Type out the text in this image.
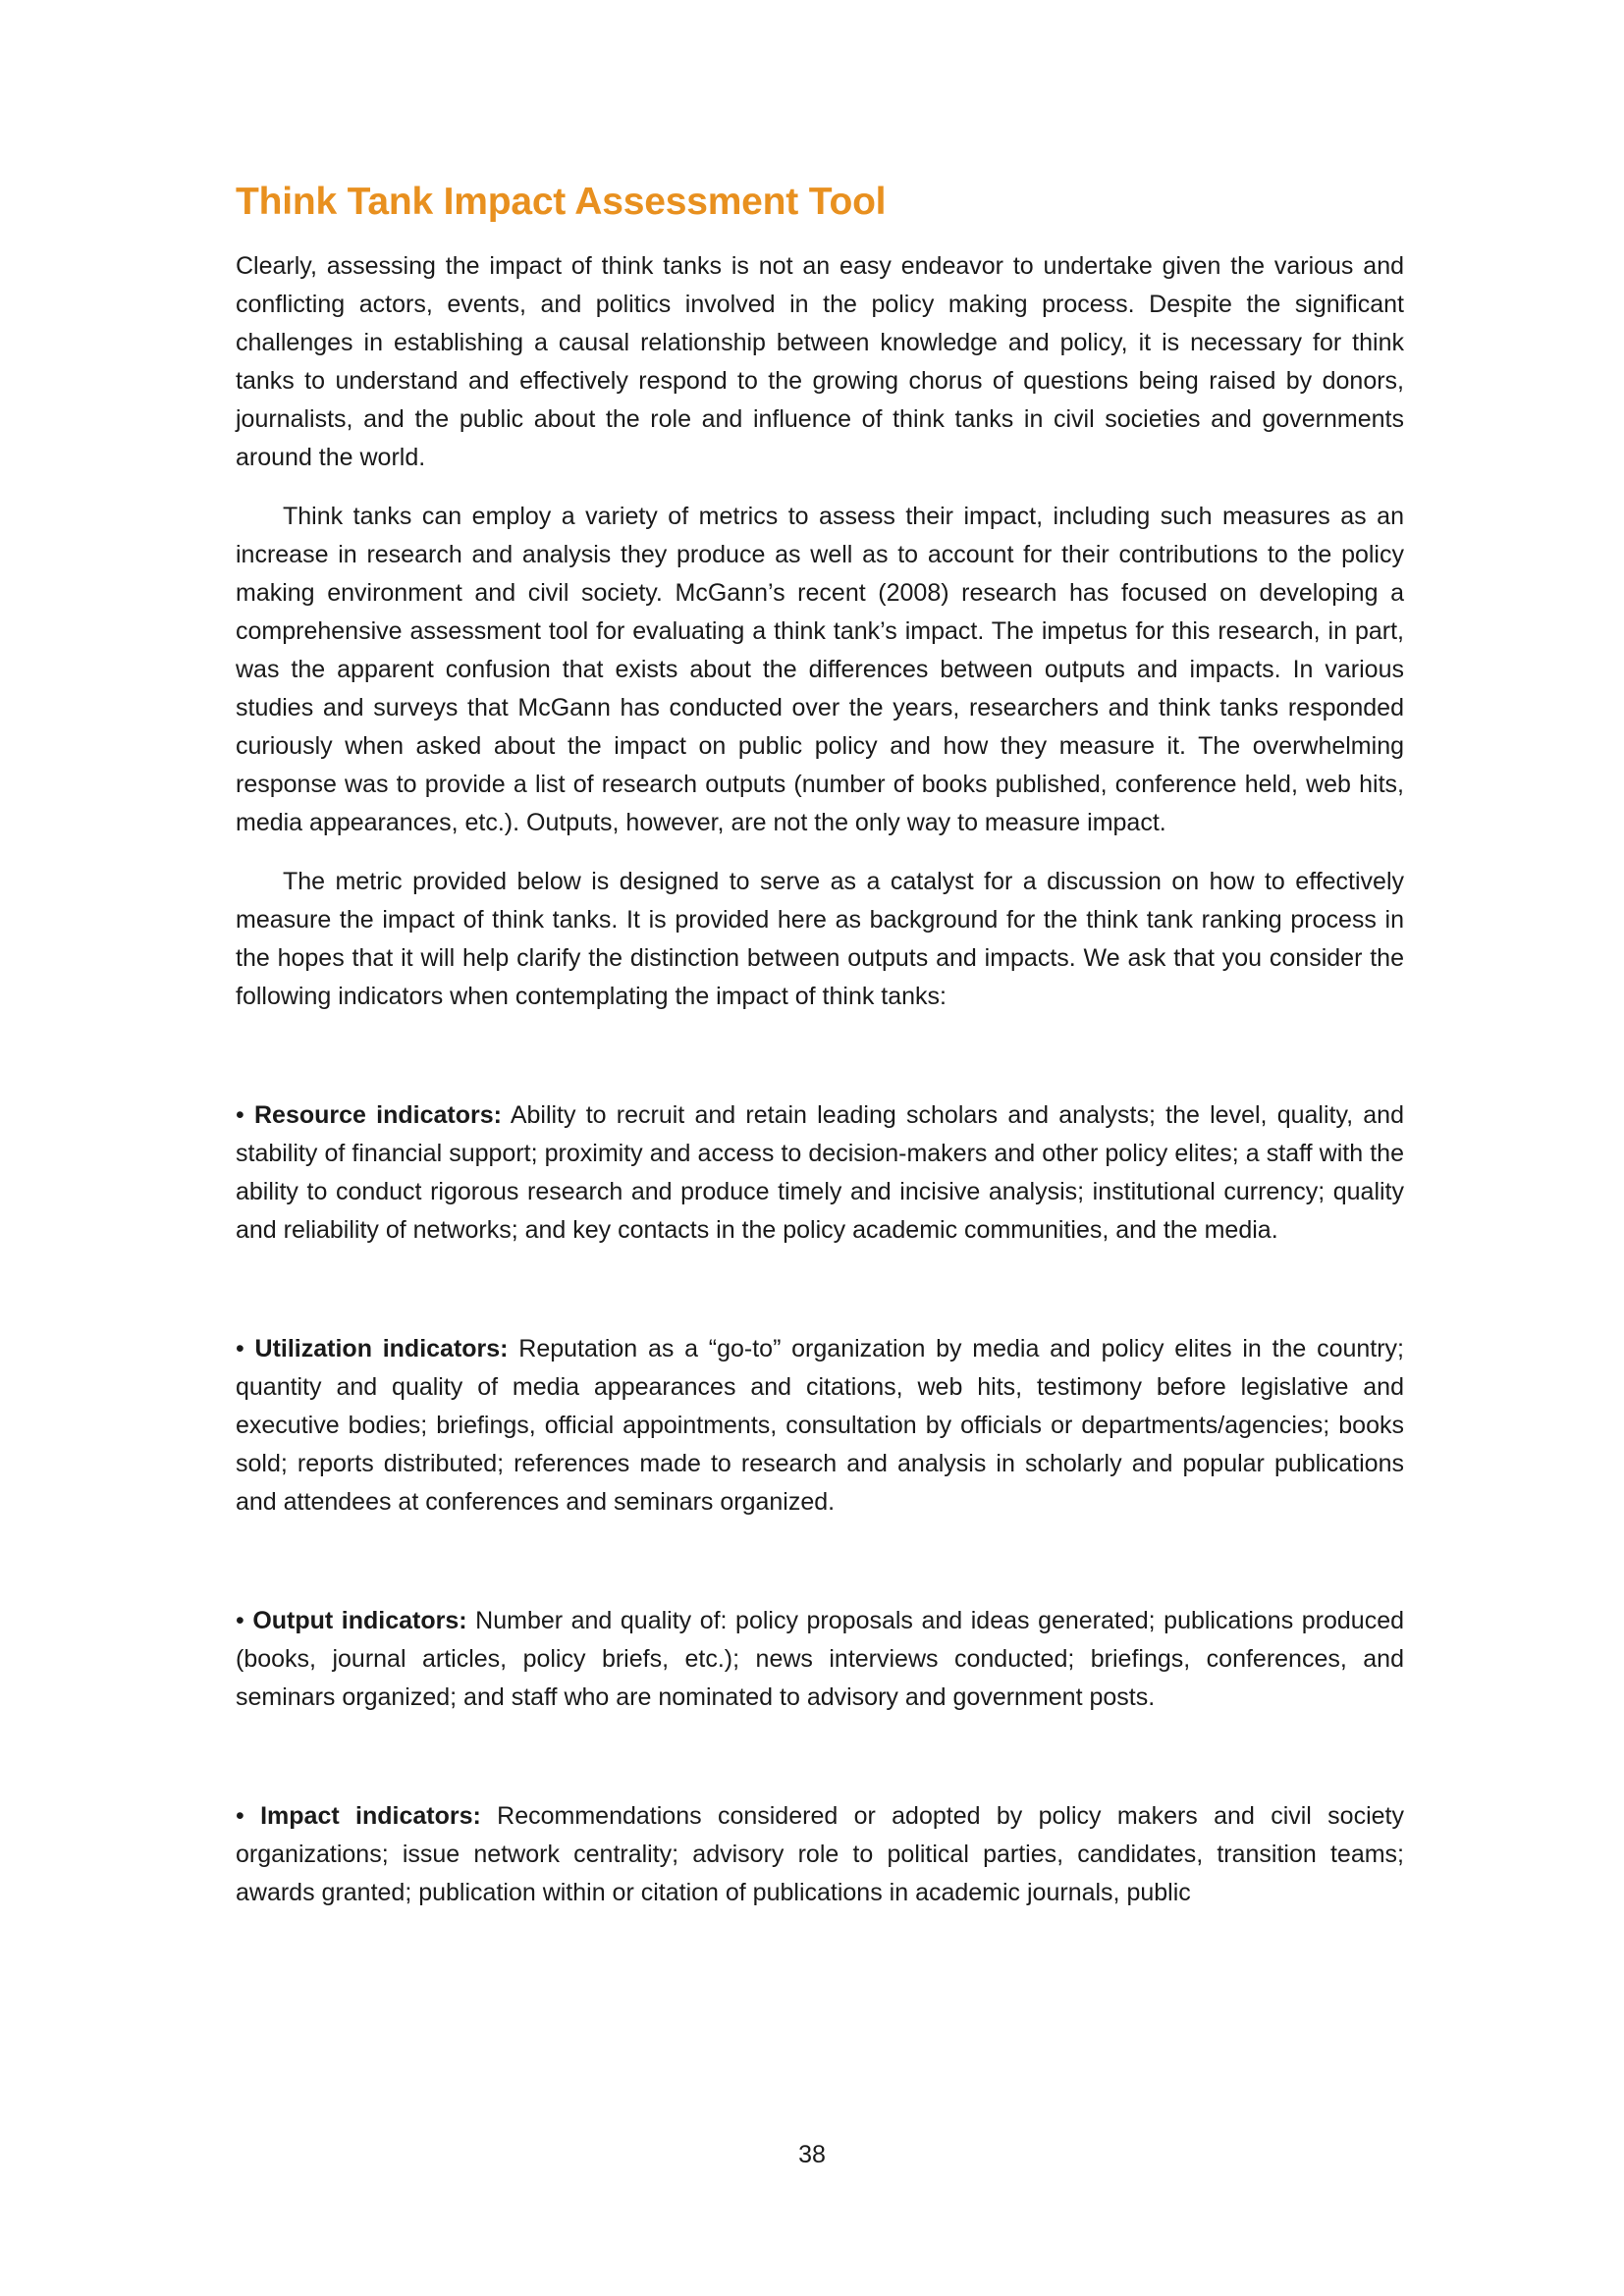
Think Tank Impact Assessment Tool

Clearly, assessing the impact of think tanks is not an easy endeavor to undertake given the various and conflicting actors, events, and politics involved in the policy making process. Despite the significant challenges in establishing a causal relationship between knowledge and policy, it is necessary for think tanks to understand and effectively respond to the growing chorus of questions being raised by donors, journalists, and the public about the role and influence of think tanks in civil societies and governments around the world.

Think tanks can employ a variety of metrics to assess their impact, including such measures as an increase in research and analysis they produce as well as to account for their contributions to the policy making environment and civil society. McGann’s recent (2008) research has focused on developing a comprehensive assessment tool for evaluating a think tank’s impact. The impetus for this research, in part, was the apparent confusion that exists about the differences between outputs and impacts. In various studies and surveys that McGann has conducted over the years, researchers and think tanks responded curiously when asked about the impact on public policy and how they measure it. The overwhelming response was to provide a list of research outputs (number of books published, conference held, web hits, media appearances, etc.). Outputs, however, are not the only way to measure impact.

The metric provided below is designed to serve as a catalyst for a discussion on how to effectively measure the impact of think tanks. It is provided here as background for the think tank ranking process in the hopes that it will help clarify the distinction between outputs and impacts. We ask that you consider the following indicators when contemplating the impact of think tanks:

• Resource indicators: Ability to recruit and retain leading scholars and analysts; the level, quality, and stability of financial support; proximity and access to decision-makers and other policy elites; a staff with the ability to conduct rigorous research and produce timely and incisive analysis; institutional currency; quality and reliability of networks; and key contacts in the policy academic communities, and the media.

• Utilization indicators: Reputation as a “go-to” organization by media and policy elites in the country; quantity and quality of media appearances and citations, web hits, testimony before legislative and executive bodies; briefings, official appointments, consultation by officials or departments/agencies; books sold; reports distributed; references made to research and analysis in scholarly and popular publications and attendees at conferences and seminars organized.

• Output indicators: Number and quality of: policy proposals and ideas generated; publications produced (books, journal articles, policy briefs, etc.); news interviews conducted; briefings, conferences, and seminars organized; and staff who are nominated to advisory and government posts.

• Impact indicators: Recommendations considered or adopted by policy makers and civil society organizations; issue network centrality; advisory role to political parties, candidates, transition teams; awards granted; publication within or citation of publications in academic journals, public

38
